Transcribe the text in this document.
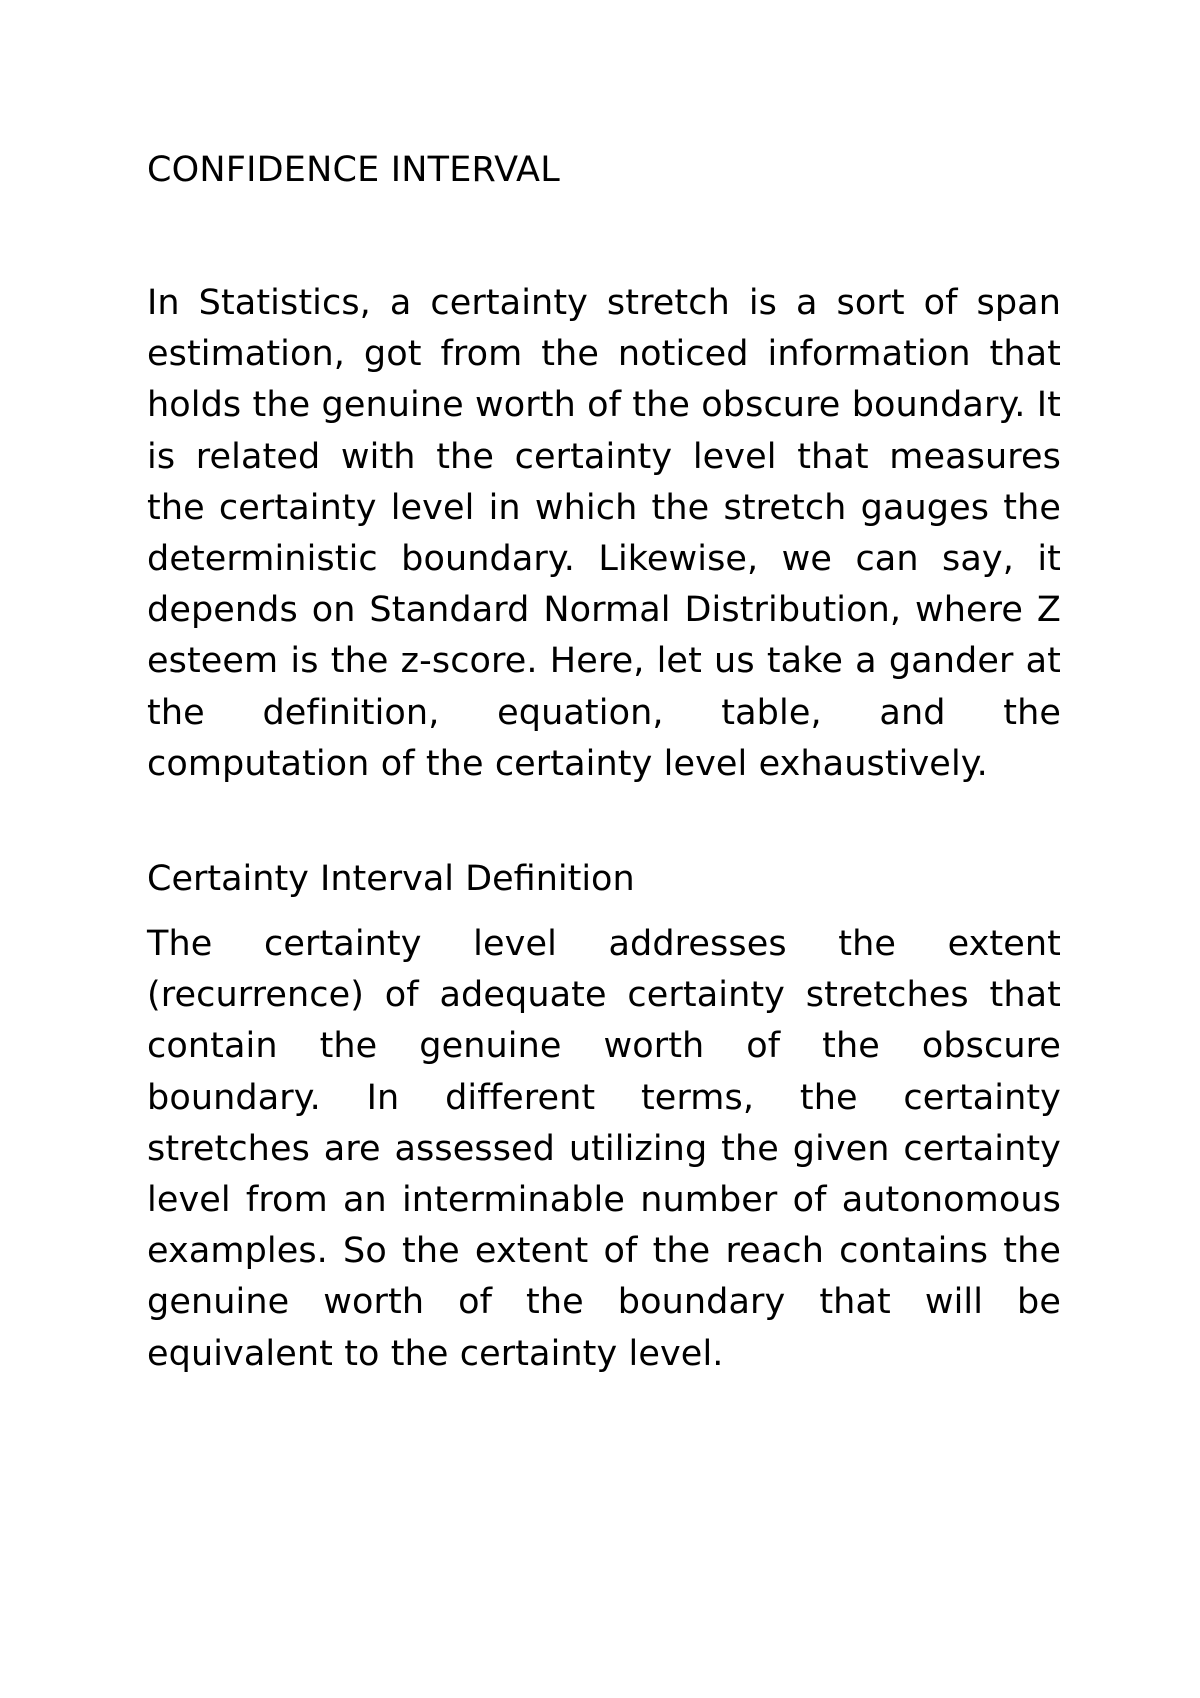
CONFIDENCE INTERVAL

In Statistics, a certainty stretch is a sort of span estimation, got from the noticed information that holds the genuine worth of the obscure boundary. It is related with the certainty level that measures the certainty level in which the stretch gauges the deterministic boundary. Likewise, we can say, it depends on Standard Normal Distribution, where Z esteem is the z-score. Here, let us take a gander at the definition, equation, table, and the computation of the certainty level exhaustively.

Certainty Interval Definition

The certainty level addresses the extent (recurrence) of adequate certainty stretches that contain the genuine worth of the obscure boundary. In different terms, the certainty stretches are assessed utilizing the given certainty level from an interminable number of autonomous examples. So the extent of the reach contains the genuine worth of the boundary that will be equivalent to the certainty level.
